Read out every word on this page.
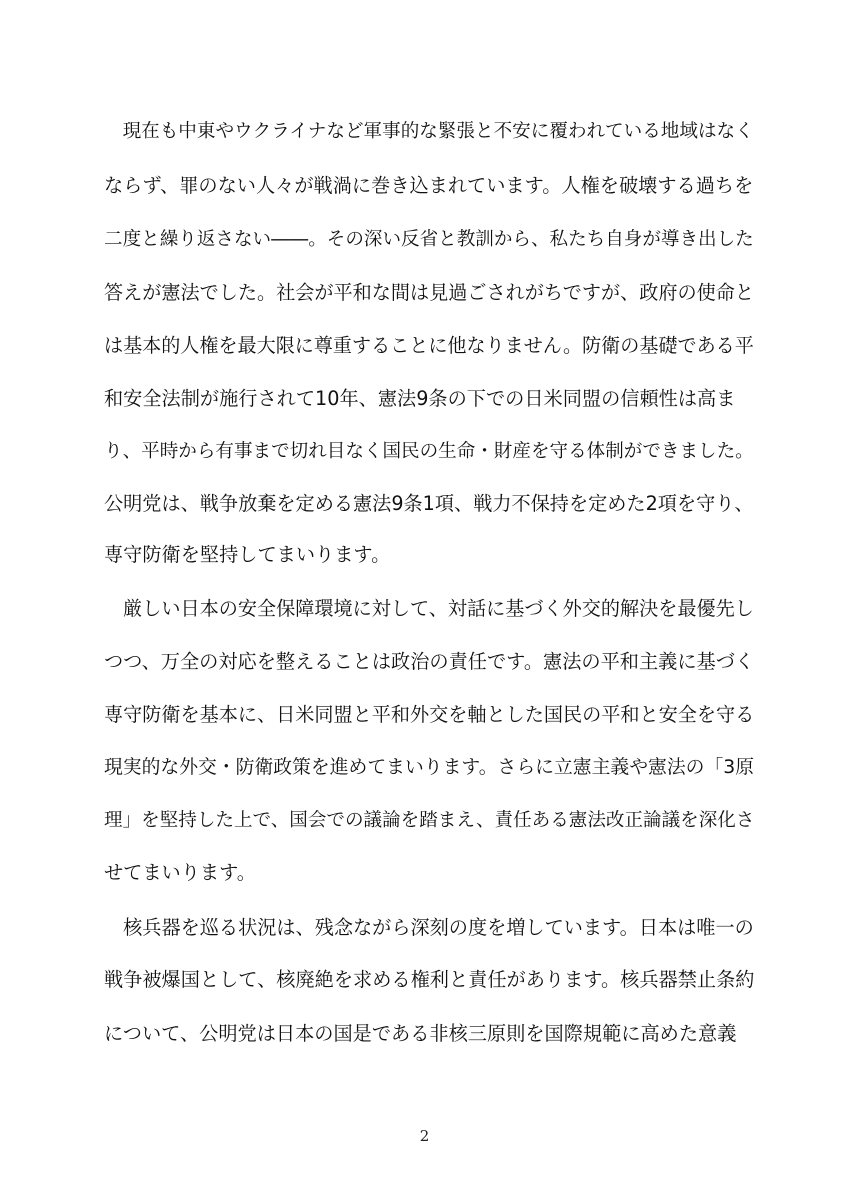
　現在も中東やウクライナなど軍事的な緊張と不安に覆われている地域はなく
ならず、罪のない人々が戦渦に巻き込まれています。人権を破壊する過ちを
二度と繰り返さない――。その深い反省と教訓から、私たち自身が導き出した
答えが憲法でした。社会が平和な間は見過ごされがちですが、政府の使命と
は基本的人権を最大限に尊重することに他なりません。防衛の基礎である平
和安全法制が施行されて10年、憲法9条の下での日米同盟の信頼性は高ま
り、平時から有事まで切れ目なく国民の生命・財産を守る体制ができました。
公明党は、戦争放棄を定める憲法9条1項、戦力不保持を定めた2項を守り、
専守防衛を堅持してまいります。
　厳しい日本の安全保障環境に対して、対話に基づく外交的解決を最優先し
つつ、万全の対応を整えることは政治の責任です。憲法の平和主義に基づく
専守防衛を基本に、日米同盟と平和外交を軸とした国民の平和と安全を守る
現実的な外交・防衛政策を進めてまいります。さらに立憲主義や憲法の「3原
理」を堅持した上で、国会での議論を踏まえ、責任ある憲法改正論議を深化さ
せてまいります。
　核兵器を巡る状況は、残念ながら深刻の度を増しています。日本は唯一の
戦争被爆国として、核廃絶を求める権利と責任があります。核兵器禁止条約
について、公明党は日本の国是である非核三原則を国際規範に高めた意義
2
